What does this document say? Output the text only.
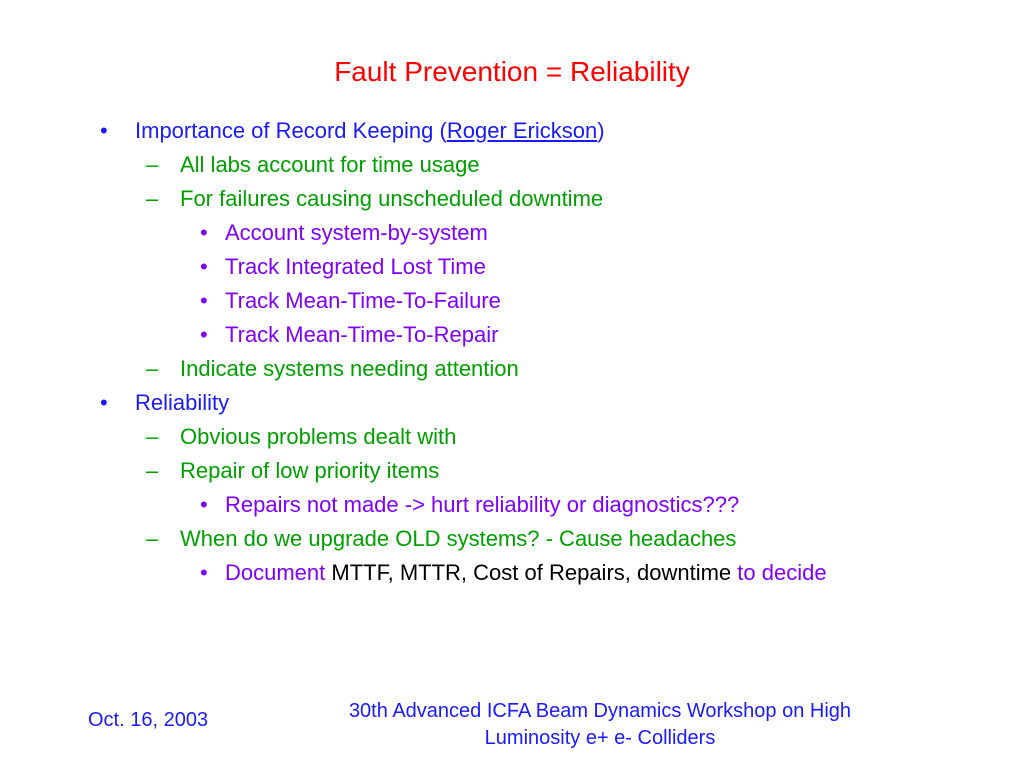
Fault Prevention = Reliability
• Importance of Record Keeping (Roger Erickson)
– All labs account for time usage
– For failures causing unscheduled downtime
• Account system-by-system
• Track Integrated Lost Time
• Track Mean-Time-To-Failure
• Track Mean-Time-To-Repair
– Indicate systems needing attention
• Reliability
– Obvious problems dealt with
– Repair of low priority items
• Repairs not made -> hurt reliability or diagnostics???
– When do we upgrade OLD systems? - Cause headaches
• Document MTTF, MTTR, Cost of Repairs, downtime to decide
Oct. 16, 2003	30th Advanced ICFA Beam Dynamics Workshop on High
Luminosity e+ e- Colliders
